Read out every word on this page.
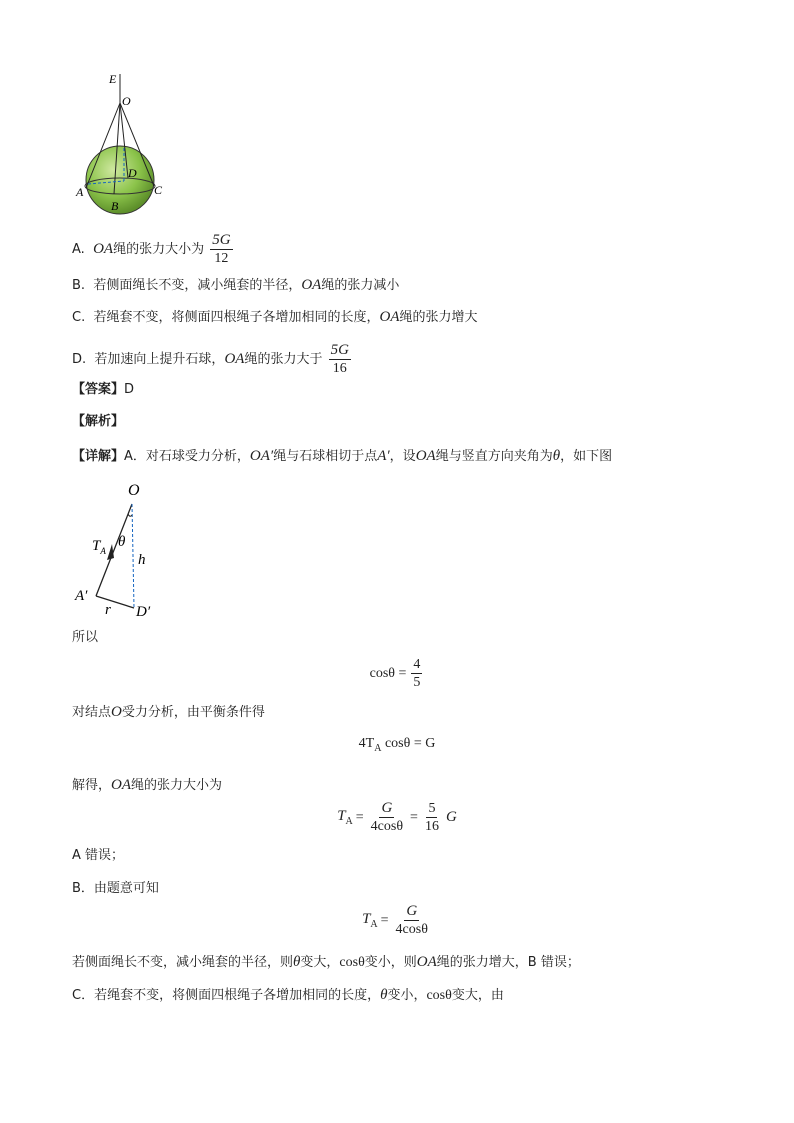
E
O
D
A	C
B
A. OA绳的张力大小为 $\frac{5G}{12}$
B. 若侧面绳长不变，减小绳套的半径，OA绳的张力减小
C. 若绳套不变，将侧面四根绳子各增加相同的长度，OA绳的张力增大
D. 若加速向上提升石球，OA绳的张力大于 $\frac{5G}{16}$
【答案】D
【解析】
【详解】A．对石球受力分析，OA′绳与石球相切于点A′，设OA绳与竖直方向夹角为θ，如下图
O
$T_A$
θ
h
A′
r D′
所以
$\cos\theta = \frac{4}{5}$
对结点O受力分析，由平衡条件得
$4T_A$ cosθ = G
解得，OA绳的张力大小为
$T_A = \frac{G}{4\cos\theta} = \frac{5}{16}$ G
A 错误；
B．由题意可知
$T_A = \frac{G}{4\cos\theta}$
若侧面绳长不变，减小绳套的半径，则θ变大，cosθ变小，则OA绳的张力增大，B 错误；
C．若绳套不变，将侧面四根绳子各增加相同的长度，θ变小，cosθ变大，由
